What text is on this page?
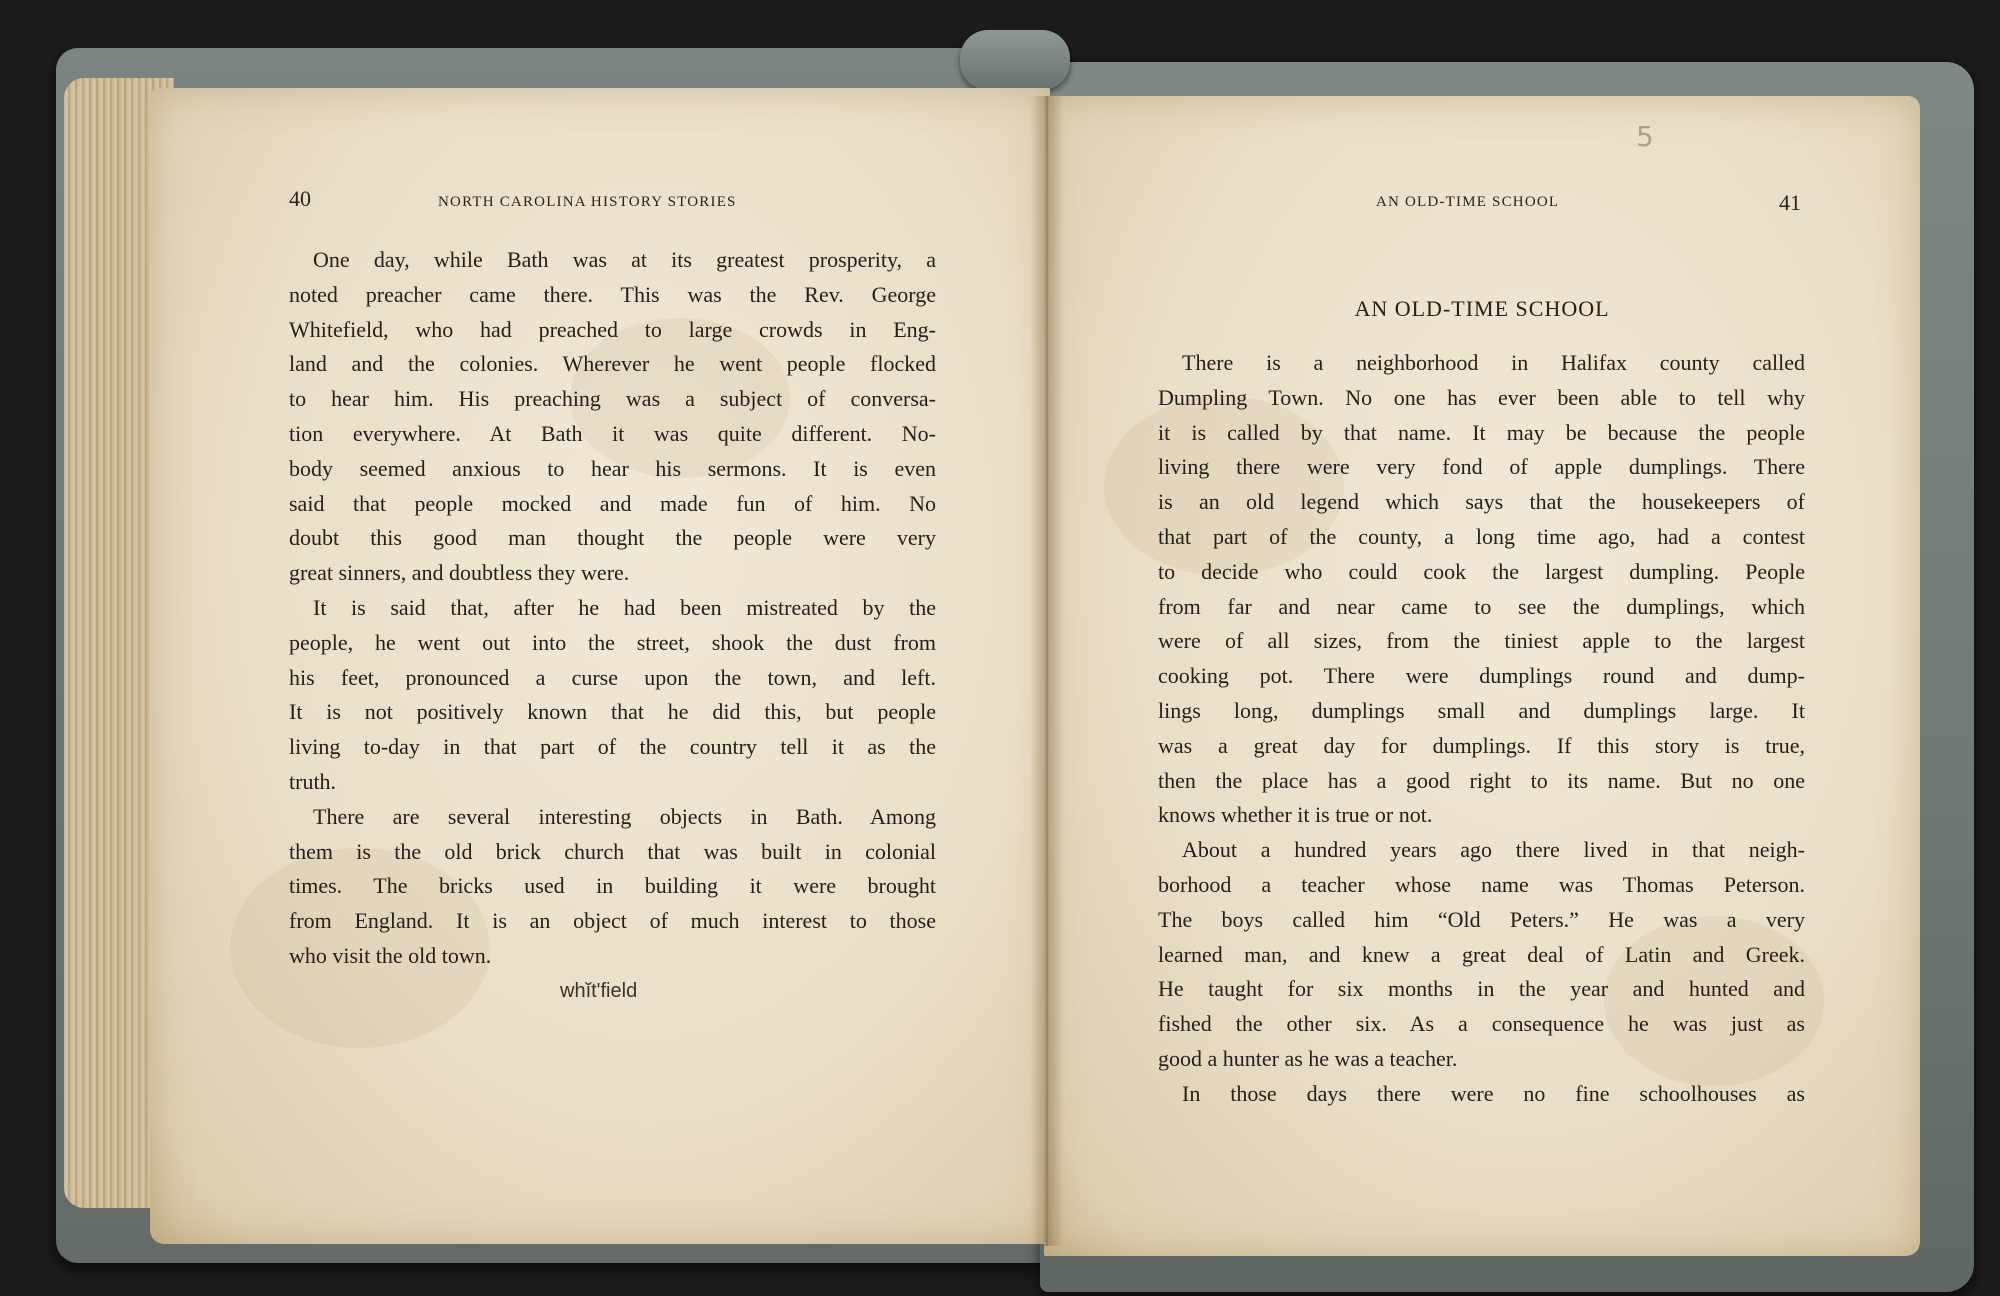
40	NORTH CAROLINA HISTORY STORIES	AN OLD-TIME SCHOOL	41
5
AN OLD-TIME SCHOOL
One day, while Bath was at its greatest prosperity, a
noted preacher came there. This was the Rev. George
Whitefield, who had preached to large crowds in Eng-
land and the colonies. Wherever he went people flocked
to hear him. His preaching was a subject of conversa-
tion everywhere. At Bath it was quite different. No-
body seemed anxious to hear his sermons. It is even
said that people mocked and made fun of him. No
doubt this good man thought the people were very
great sinners, and doubtless they were.
It is said that, after he had been mistreated by the
people, he went out into the street, shook the dust from
his feet, pronounced a curse upon the town, and left.
It is not positively known that he did this, but people
living to-day in that part of the country tell it as the
truth.
There are several interesting objects in Bath. Among
them is the old brick church that was built in colonial
times. The bricks used in building it were brought
from England. It is an object of much interest to those
who visit the old town.
whĭt'field
There is a neighborhood in Halifax county called
Dumpling Town. No one has ever been able to tell why
it is called by that name. It may be because the people
living there were very fond of apple dumplings. There
is an old legend which says that the housekeepers of
that part of the county, a long time ago, had a contest
to decide who could cook the largest dumpling. People
from far and near came to see the dumplings, which
were of all sizes, from the tiniest apple to the largest
cooking pot. There were dumplings round and dump-
lings long, dumplings small and dumplings large. It
was a great day for dumplings. If this story is true,
then the place has a good right to its name. But no one
knows whether it is true or not.
About a hundred years ago there lived in that neigh-
borhood a teacher whose name was Thomas Peterson.
The boys called him “Old Peters.” He was a very
learned man, and knew a great deal of Latin and Greek.
He taught for six months in the year and hunted and
fished the other six. As a consequence he was just as
good a hunter as he was a teacher.
In those days there were no fine schoolhouses as
